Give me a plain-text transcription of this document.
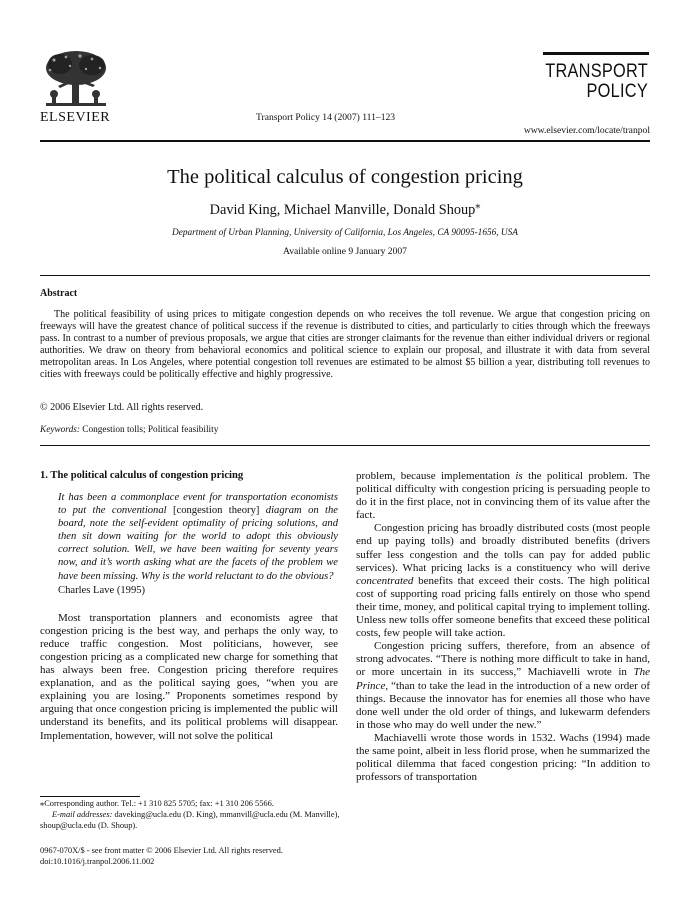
ELSEVIER	Transport Policy 14 (2007) 111–123
TRANSPORT
POLICY
www.elsevier.com/locate/tranpol
The political calculus of congestion pricing
David King, Michael Manville, Donald Shoup⁎
Department of Urban Planning, University of California, Los Angeles, CA 90095-1656, USA
Available online 9 January 2007
Abstract
The political feasibility of using prices to mitigate congestion depends on who receives the toll revenue. We argue that congestion pricing on freeways will have the greatest chance of political success if the revenue is distributed to cities, and particularly to cities through which the freeways pass. In contrast to a number of previous proposals, we argue that cities are stronger claimants for the revenue than either individual drivers or regional authorities. We draw on theory from behavioral economics and political science to explain our proposal, and illustrate it with data from several metropolitan areas. In Los Angeles, where potential congestion toll revenues are estimated to be almost $5 billion a year, distributing toll revenues to cities with freeways could be politically effective and highly progressive.
© 2006 Elsevier Ltd. All rights reserved.
Keywords: Congestion tolls; Political feasibility
1. The political calculus of congestion pricing
It has been a commonplace event for transportation economists to put the conventional [congestion theory] diagram on the board, note the self-evident optimality of pricing solutions, and then sit down waiting for the world to adopt this obviously correct solution. Well, we have been waiting for seventy years now, and it’s worth asking what are the facets of the problem we have been missing. Why is the world reluctant to do the obvious?
Charles Lave (1995)

Most transportation planners and economists agree that congestion pricing is the best way, and perhaps the only way, to reduce traffic congestion. Most politicians, however, see congestion pricing as a complicated new charge for something that has always been free. Congestion pricing therefore requires explanation, and as the political saying goes, “when you are explaining you are losing.” Proponents sometimes respond by arguing that once congestion pricing is implemented the public will understand its benefits, and its political problems will disappear. Implementation, however, will not solve the political

problem, because implementation is the political problem. The political difficulty with congestion pricing is persuading people to do it in the first place, not in convincing them of its value after the fact.

Congestion pricing has broadly distributed costs (most people end up paying tolls) and broadly distributed benefits (drivers suffer less congestion and the tolls can pay for added public services). What pricing lacks is a constituency who will derive concentrated benefits that exceed their costs. The high political cost of supporting road pricing falls entirely on those who spend their time, money, and political capital trying to implement tolling. Unless new tolls offer someone benefits that exceed these political costs, few people will take action.

Congestion pricing suffers, therefore, from an absence of strong advocates. “There is nothing more difficult to take in hand, or more uncertain in its success,” Machiavelli wrote in The Prince, “than to take the lead in the introduction of a new order of things. Because the innovator has for enemies all those who have done well under the old order of things, and lukewarm defenders in those who may do well under the new.”

Machiavelli wrote those words in 1532. Wachs (1994) made the same point, albeit in less florid prose, when he summarized the political dilemma that faced congestion pricing: “In addition to professors of transportation

⁎Corresponding author. Tel.: +1 310 825 5705; fax: +1 310 206 5566.
E-mail addresses: daveking@ucla.edu (D. King), mmanvill@ucla.edu (M. Manville), shoup@ucla.edu (D. Shoup).
0967-070X/$ - see front matter © 2006 Elsevier Ltd. All rights reserved.
doi:10.1016/j.tranpol.2006.11.002
